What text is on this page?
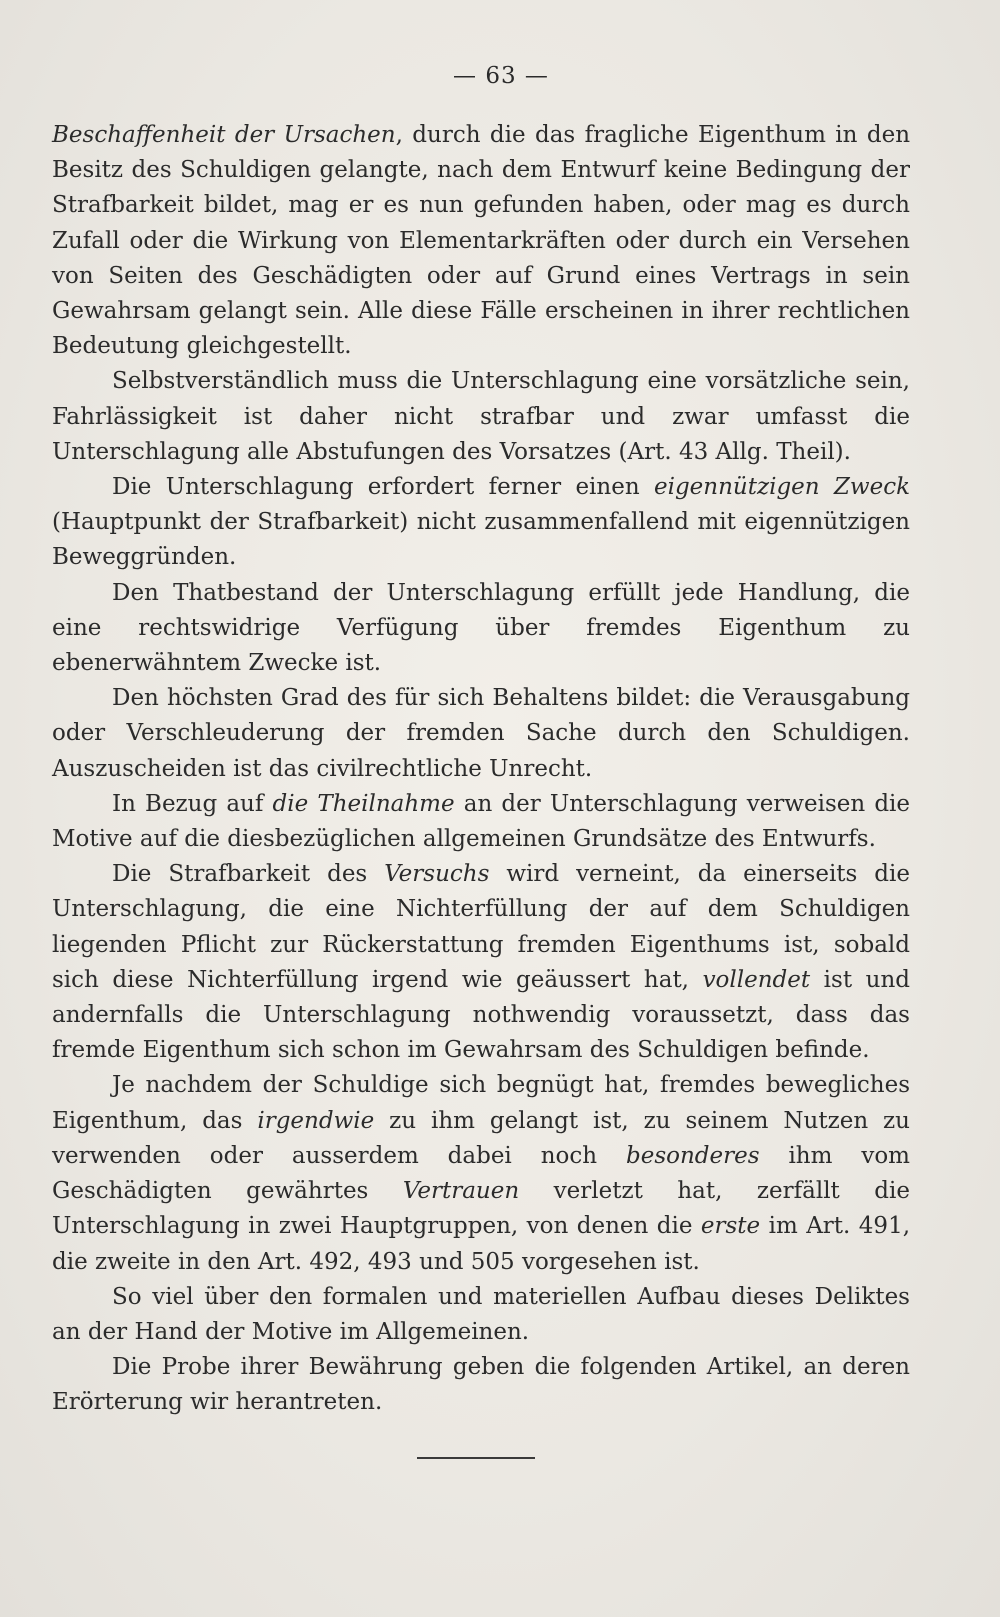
— 63 —

Beschaffenheit der Ursachen, durch die das fragliche Eigenthum in den Besitz des Schuldigen gelangte, nach dem Entwurf keine Bedingung der Strafbarkeit bildet, mag er es nun gefunden haben, oder mag es durch Zufall oder die Wirkung von Elementarkräften oder durch ein Versehen von Seiten des Geschädigten oder auf Grund eines Vertrags in sein Gewahrsam gelangt sein. Alle diese Fälle erscheinen in ihrer rechtlichen Bedeutung gleichgestellt.

Selbstverständlich muss die Unterschlagung eine vorsätzliche sein, Fahrlässigkeit ist daher nicht strafbar und zwar umfasst die Unterschlagung alle Abstufungen des Vorsatzes (Art. 43 Allg. Theil).

Die Unterschlagung erfordert ferner einen eigennützigen Zweck (Hauptpunkt der Strafbarkeit) nicht zusammenfallend mit eigennützigen Beweggründen.

Den Thatbestand der Unterschlagung erfüllt jede Handlung, die eine rechtswidrige Verfügung über fremdes Eigenthum zu ebenerwähntem Zwecke ist.

Den höchsten Grad des für sich Behaltens bildet: die Verausgabung oder Verschleuderung der fremden Sache durch den Schuldigen. Auszuscheiden ist das civilrechtliche Unrecht.

In Bezug auf die Theilnahme an der Unterschlagung verweisen die Motive auf die diesbezüglichen allgemeinen Grundsätze des Entwurfs.

Die Strafbarkeit des Versuchs wird verneint, da einerseits die Unterschlagung, die eine Nichterfüllung der auf dem Schuldigen liegenden Pflicht zur Rückerstattung fremden Eigenthums ist, sobald sich diese Nichterfüllung irgend wie geäussert hat, vollendet ist und andernfalls die Unterschlagung nothwendig voraussetzt, dass das fremde Eigenthum sich schon im Gewahrsam des Schuldigen befinde.

Je nachdem der Schuldige sich begnügt hat, fremdes bewegliches Eigenthum, das irgendwie zu ihm gelangt ist, zu seinem Nutzen zu verwenden oder ausserdem dabei noch besonderes ihm vom Geschädigten gewährtes Vertrauen verletzt hat, zerfällt die Unterschlagung in zwei Hauptgruppen, von denen die erste im Art. 491, die zweite in den Art. 492, 493 und 505 vorgesehen ist.

So viel über den formalen und materiellen Aufbau dieses Deliktes an der Hand der Motive im Allgemeinen.

Die Probe ihrer Bewährung geben die folgenden Artikel, an deren Erörterung wir herantreten.
